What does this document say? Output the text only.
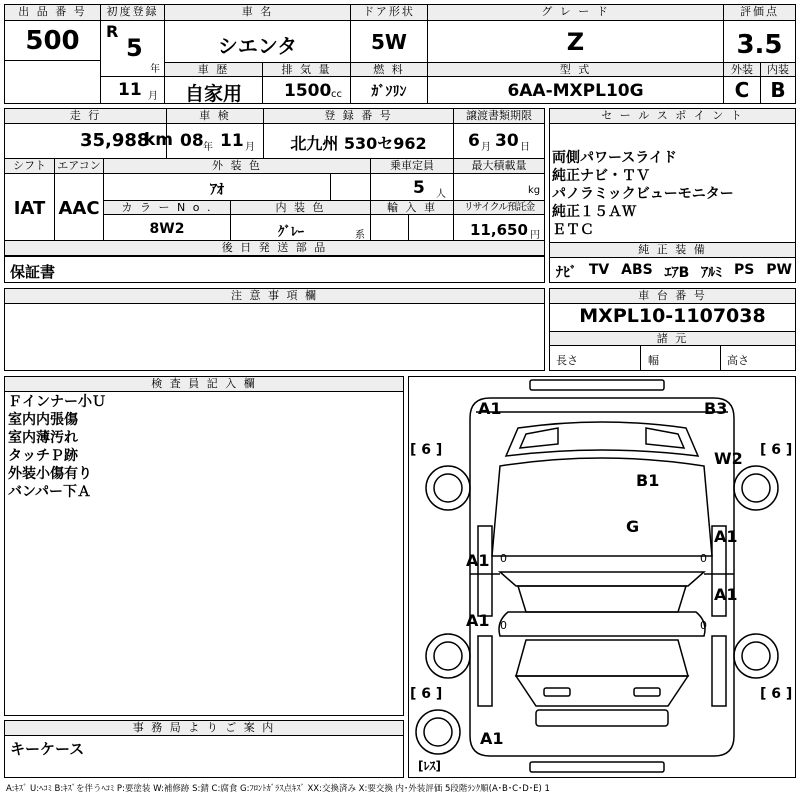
出 品 番 号
500
初度登録
R
5
年
11 月
車 名
シエンタ
ドア形状
5W
グ レ ー ド
Z
評価点
3.5
車 歴
自家用
排 気 量
1500 cc
燃 料
ｶﾞｿﾘﾝ
型 式
6AA-MXPL10G
外装
C
内装
B
走 行
35,988
km
車 検
08 年 11 月
登 録 番 号
北九州 530セ962
譲渡書類期限
6 月 30 日
シフト
IAT
エアコン
AAC
外 装 色
ｱｵ
乗車定員
5 人
最大積載量
kg
カ ラ ー N o .
8W2
内 装 色
ｸﾞﾚｰ	系
輸 入 車	リサイクル預託金
11,650 円
後 日 発 送 部 品
保証書
セ ー ル ス ポ イ ン ト
両側パワースライド
純正ナビ・ＴＶ
パノラミックビューモニター
純正１５ＡＷ
ＥＴＣ
純 正 装 備
ﾅﾋﾞ TV ABS ｴｱB ｱﾙﾐ PS PW
注 意 事 項 欄	車 台 番 号
MXPL10-1107038
諸 元
長さ	幅	高さ
検 査 員 記 入 欄
Ｆインナー小Ｕ
室内内張傷
室内薄汚れ
タッチＰ跡
外装小傷有り
バンパー下Ａ
事 務 局 よ り ご 案 内
キーケース
0	0
0	0
A1	B3
W2
B1
G
A1
A1
A1
A1
A1
[ 6 ]	[ 6 ]
[ 6 ]	[ 6 ]
[ﾚｽ]
A:ｷｽﾞ U:ﾍｺﾐ B:ｷｽﾞを伴うﾍｺﾐ P:要塗装 W:補修跡 S:錆 C:腐食 G:ﾌﾛﾝﾄｶﾞﾗｽ点ｷｽﾞ XX:交換済み X:要交換 内･外装評価 5段階ﾗﾝｸ順(A･B･C･D･E) 1
